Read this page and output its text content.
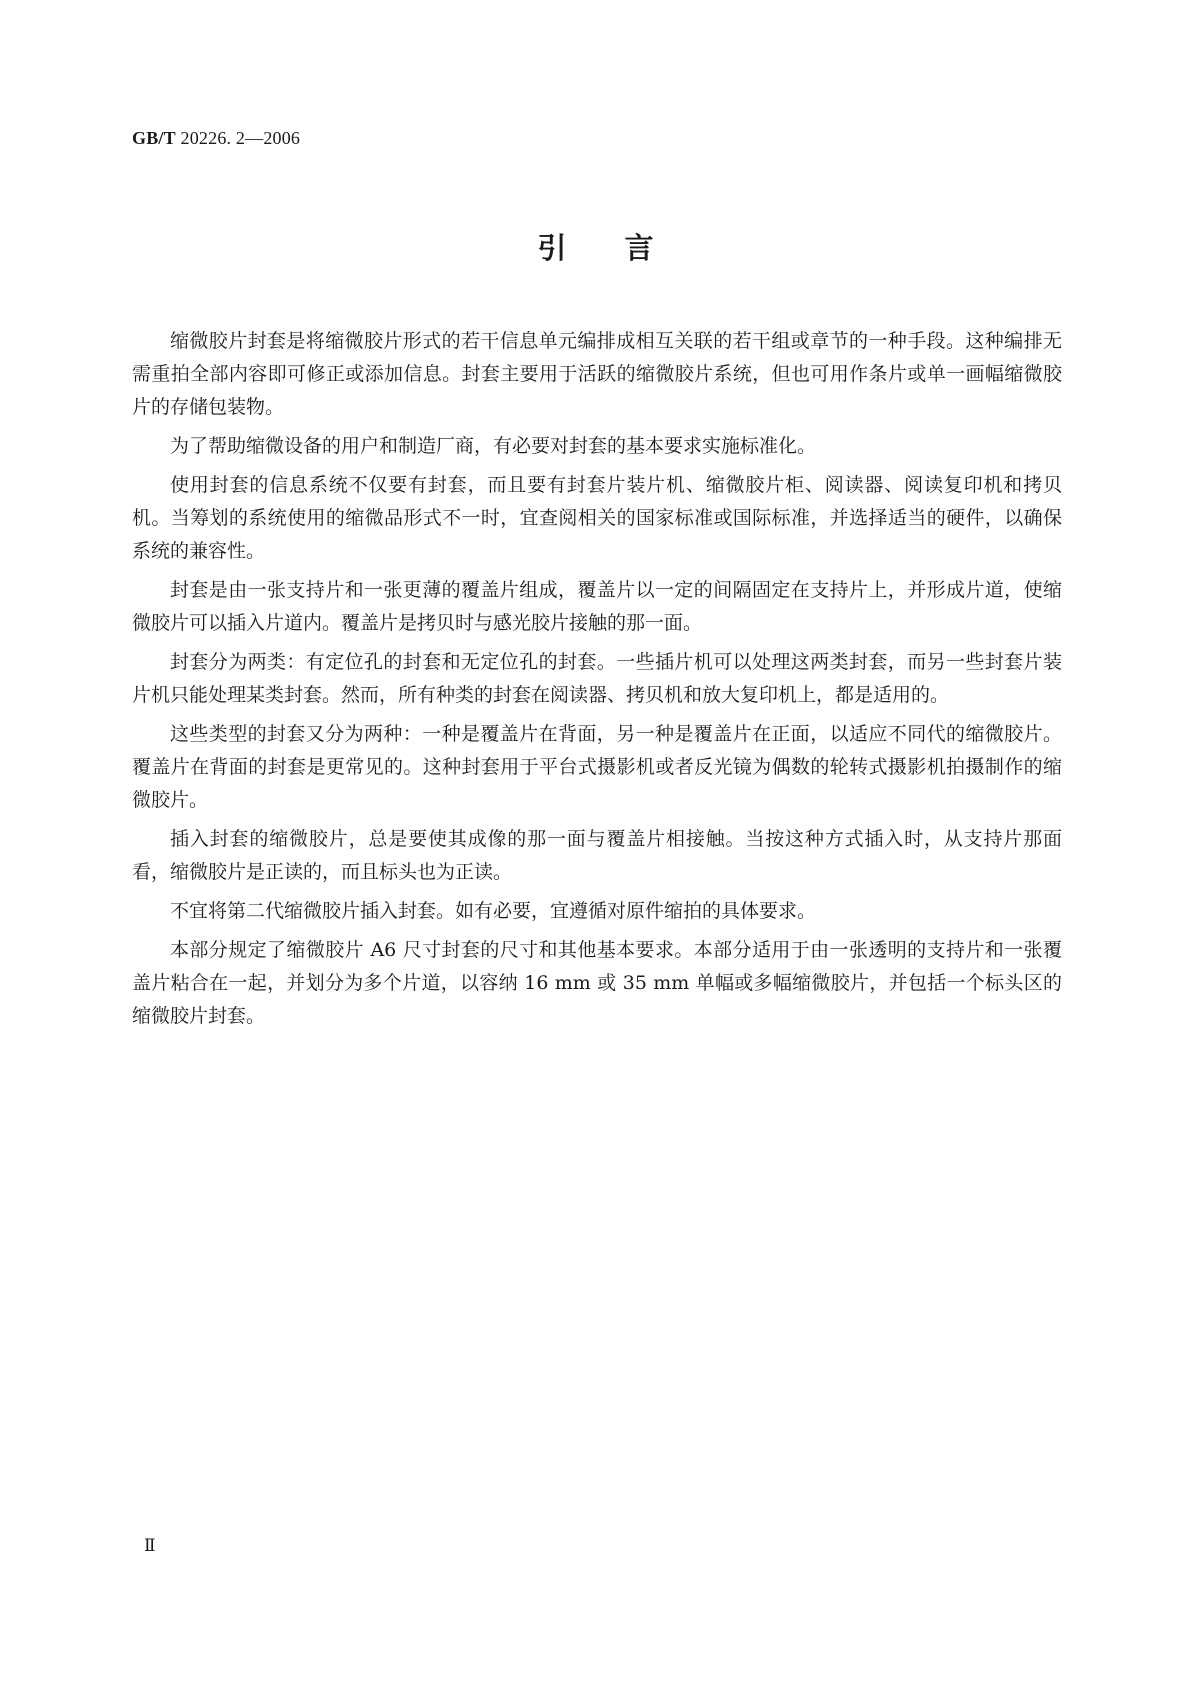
GB/T 20226. 2—2006
引言

缩微胶片封套是将缩微胶片形式的若干信息单元编排成相互关联的若干组或章节的一种手段。这种编排无需重拍全部内容即可修正或添加信息。封套主要用于活跃的缩微胶片系统，但也可用作条片或单一画幅缩微胶片的存储包装物。

为了帮助缩微设备的用户和制造厂商，有必要对封套的基本要求实施标准化。

使用封套的信息系统不仅要有封套，而且要有封套片装片机、缩微胶片柜、阅读器、阅读复印机和拷贝机。当筹划的系统使用的缩微品形式不一时，宜查阅相关的国家标准或国际标准，并选择适当的硬件，以确保系统的兼容性。

封套是由一张支持片和一张更薄的覆盖片组成，覆盖片以一定的间隔固定在支持片上，并形成片道，使缩微胶片可以插入片道内。覆盖片是拷贝时与感光胶片接触的那一面。

封套分为两类：有定位孔的封套和无定位孔的封套。一些插片机可以处理这两类封套，而另一些封套片装片机只能处理某类封套。然而，所有种类的封套在阅读器、拷贝机和放大复印机上，都是适用的。

这些类型的封套又分为两种：一种是覆盖片在背面，另一种是覆盖片在正面，以适应不同代的缩微胶片。覆盖片在背面的封套是更常见的。这种封套用于平台式摄影机或者反光镜为偶数的轮转式摄影机拍摄制作的缩微胶片。

插入封套的缩微胶片，总是要使其成像的那一面与覆盖片相接触。当按这种方式插入时，从支持片那面看，缩微胶片是正读的，而且标头也为正读。

不宜将第二代缩微胶片插入封套。如有必要，宜遵循对原件缩拍的具体要求。

本部分规定了缩微胶片 A6 尺寸封套的尺寸和其他基本要求。本部分适用于由一张透明的支持片和一张覆盖片粘合在一起，并划分为多个片道，以容纳 16 mm 或 35 mm 单幅或多幅缩微胶片，并包括一个标头区的缩微胶片封套。

Ⅱ
